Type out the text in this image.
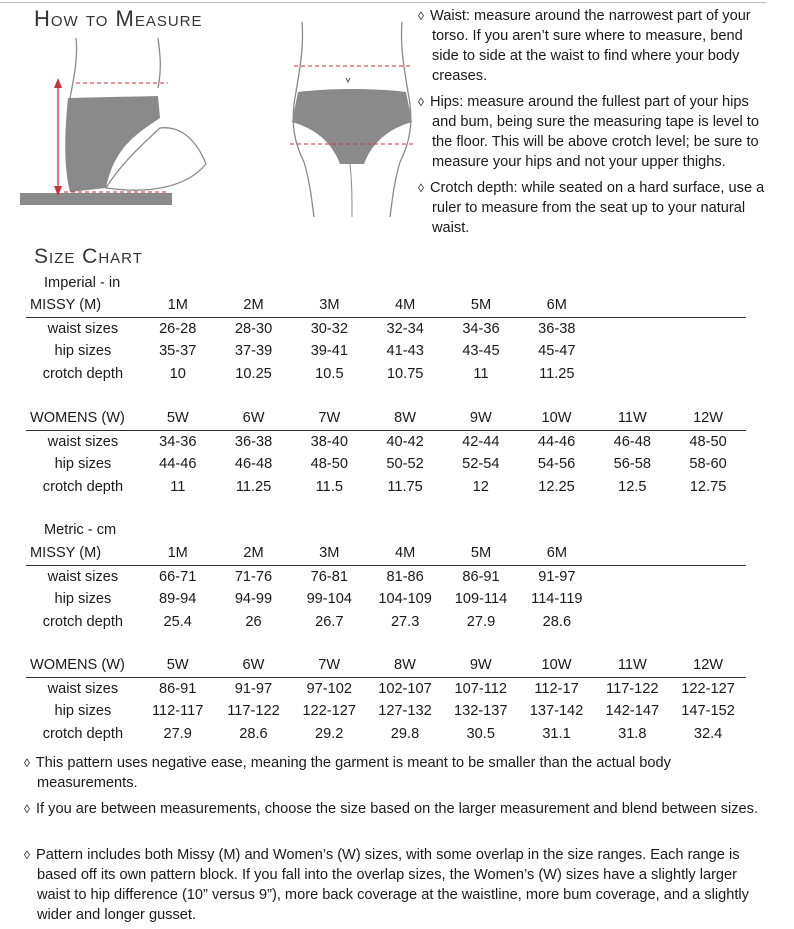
How to Measure	◊ Waist: measure around the narrowest part of your torso. If you aren’t sure where to measure, bend side to side at the waist to find where your body creases.

◊ Hips: measure around the fullest part of your hips and bum, being sure the measuring tape is level to the floor. This will be above crotch level; be sure to measure your hips and not your upper thighs.

◊ Crotch depth: while seated on a hard surface, use a ruler to measure from the seat up to your natural waist.

Size Chart
Imperial - in
MISSY (M)	1M	2M	3M	4M	5M	6M		
waist sizes	26-28	28-30	30-32	32-34	34-36	36-38		
hip sizes	35-37	37-39	39-41	41-43	43-45	45-47		
crotch depth	10	10.25	10.5	10.75	11	11.25		
WOMENS (W)	5W	6W	7W	8W	9W	10W	11W	12W
waist sizes	34-36	36-38	38-40	40-42	42-44	44-46	46-48	48-50
hip sizes	44-46	46-48	48-50	50-52	52-54	54-56	56-58	58-60
crotch depth	11	11.25	11.5	11.75	12	12.25	12.5	12.75
Metric - cm
MISSY (M)	1M	2M	3M	4M	5M	6M		
waist sizes	66-71	71-76	76-81	81-86	86-91	91-97		
hip sizes	89-94	94-99	99-104	104-109	109-114	114-119		
crotch depth	25.4	26	26.7	27.3	27.9	28.6		
WOMENS (W)	5W	6W	7W	8W	9W	10W	11W	12W
waist sizes	86-91	91-97	97-102	102-107	107-112	112-17	117-122	122-127
hip sizes	112-117	117-122	122-127	127-132	132-137	137-142	142-147	147-152
crotch depth	27.9	28.6	29.2	29.8	30.5	31.1	31.8	32.4

◊ This pattern uses negative ease, meaning the garment is meant to be smaller than the actual body measurements.

◊ If you are between measurements, choose the size based on the larger measurement and blend between sizes.

◊ Pattern includes both Missy (M) and Women’s (W) sizes, with some overlap in the size ranges. Each range is based off its own pattern block. If you fall into the overlap sizes, the Women’s (W) sizes have a slightly larger waist to hip difference (10” versus 9”), more back coverage at the waistline, more bum coverage, and a slightly wider and longer gusset.
